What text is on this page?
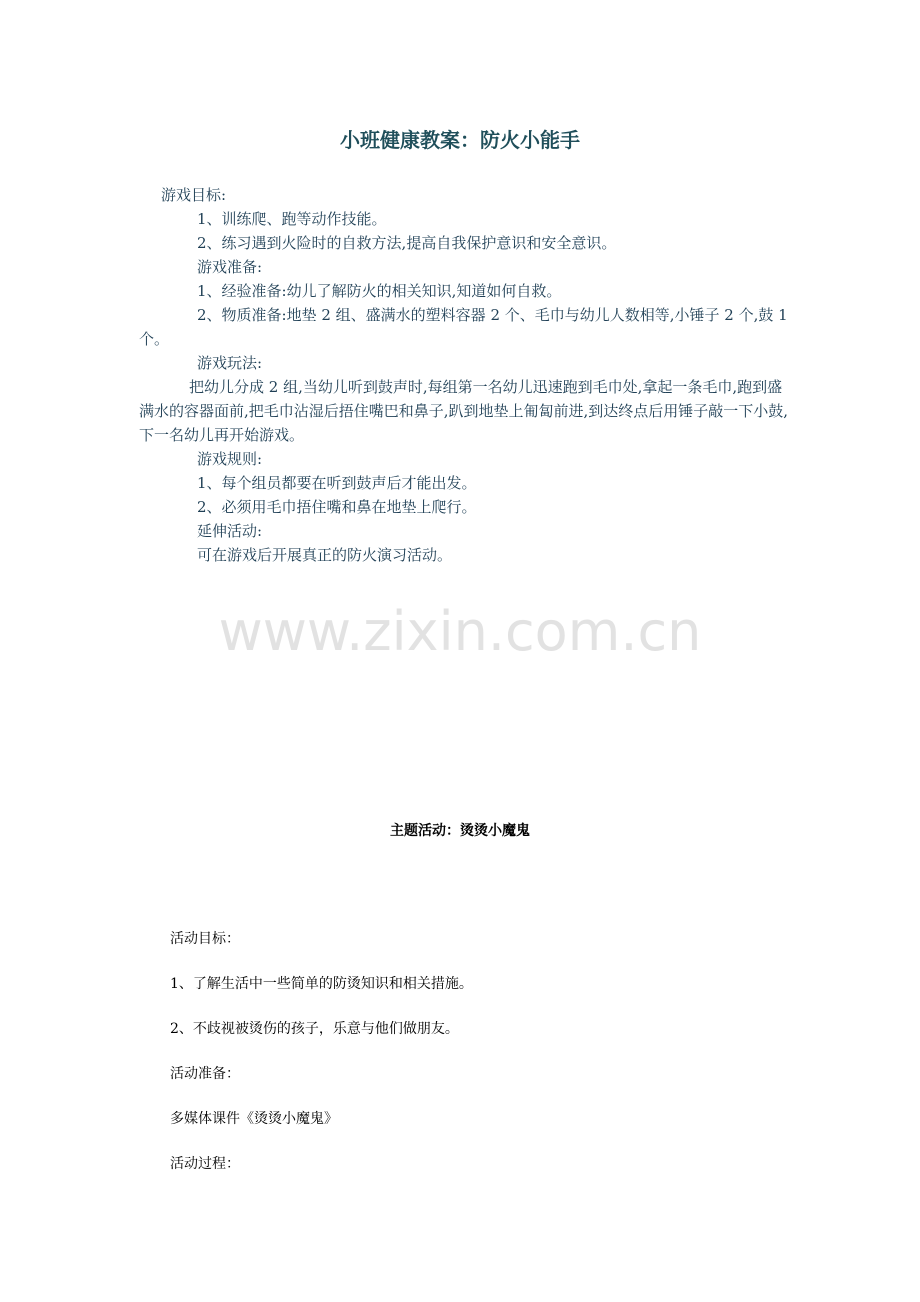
小班健康教案：防火小能手

游戏目标:

1、训练爬、跑等动作技能。

2、练习遇到火险时的自救方法,提高自我保护意识和安全意识。

游戏准备:

1、经验准备:幼儿了解防火的相关知识,知道如何自救。

2、物质准备:地垫 2 组、盛满水的塑料容器 2 个、毛巾与幼儿人数相等,小锤子 2 个,鼓 1 个。

游戏玩法:

把幼儿分成 2 组,当幼儿听到鼓声时,每组第一名幼儿迅速跑到毛巾处,拿起一条毛巾,跑到盛满水的容器面前,把毛巾沾湿后捂住嘴巴和鼻子,趴到地垫上匍匐前进,到达终点后用锤子敲一下小鼓,下一名幼儿再开始游戏。

游戏规则:

1、每个组员都要在听到鼓声后才能出发。

2、必须用毛巾捂住嘴和鼻在地垫上爬行。

延伸活动:

可在游戏后开展真正的防火演习活动。

www.zixin.com.cn
主题活动：烫烫小魔鬼

活动目标：

1、了解生活中一些简单的防烫知识和相关措施。

2、不歧视被烫伤的孩子，乐意与他们做朋友。

活动准备：

多媒体课件《烫烫小魔鬼》

活动过程：
